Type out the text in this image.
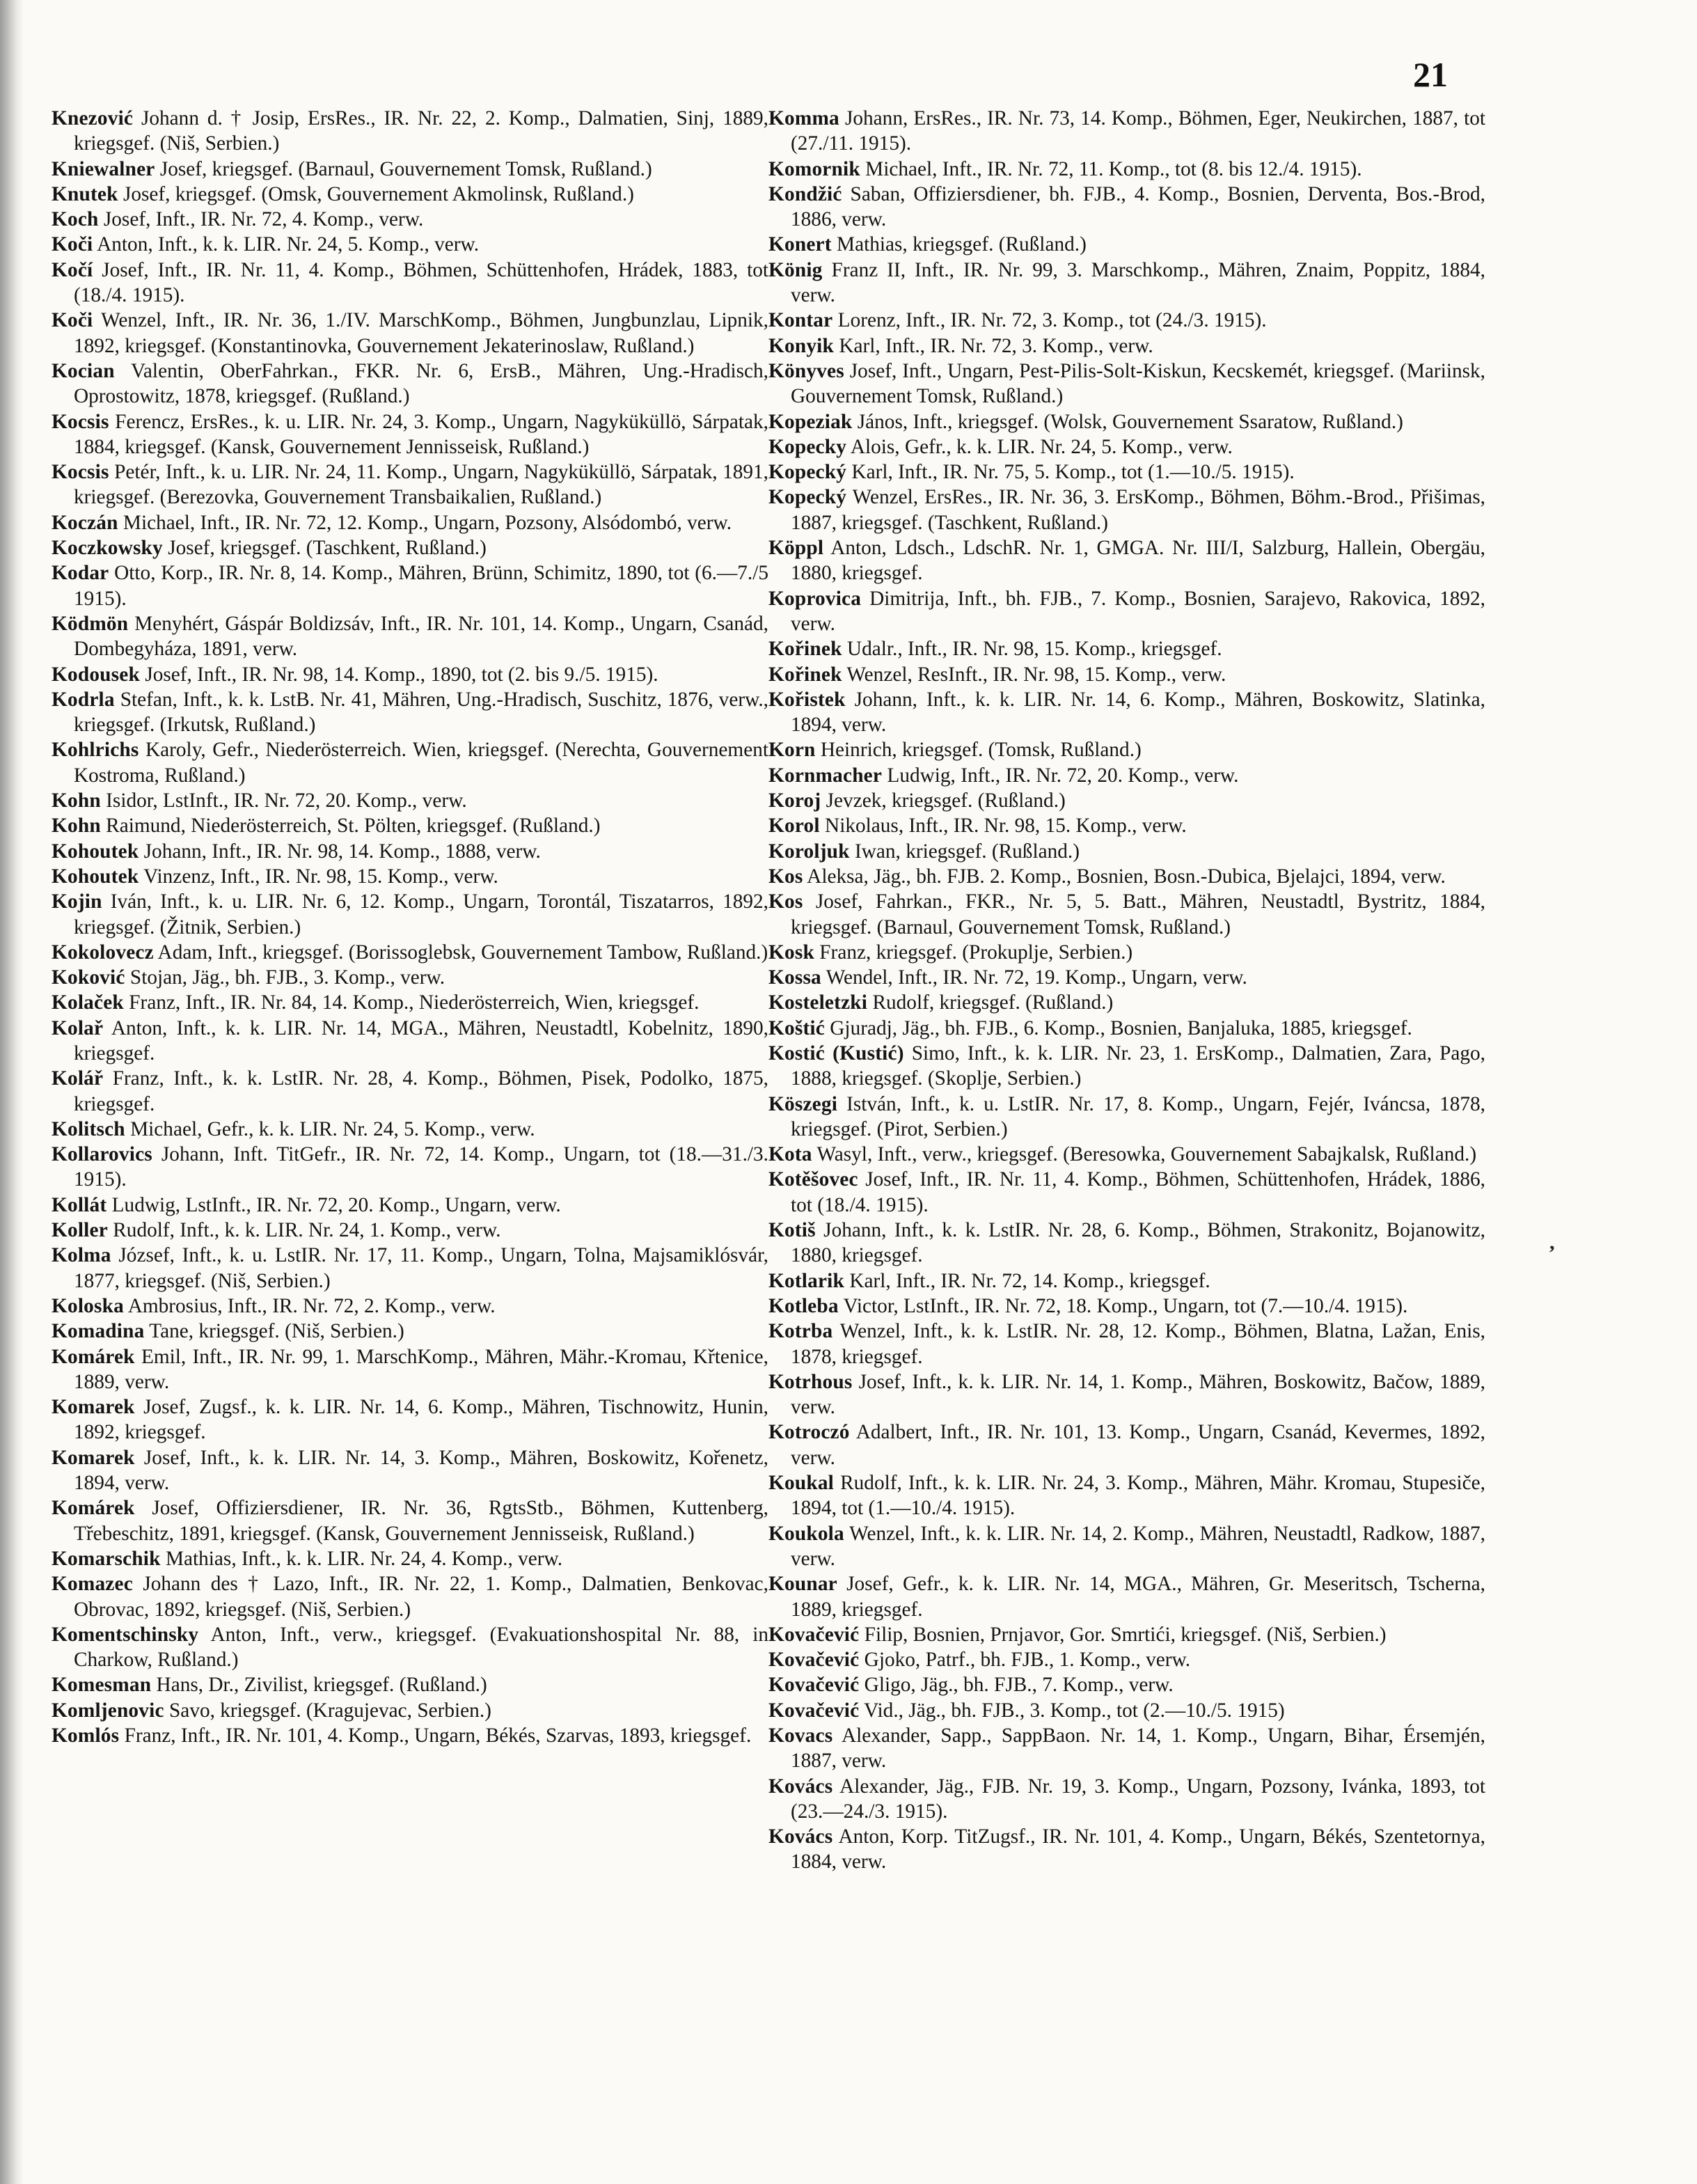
21

Knezović Johann d. † Josip, ErsRes., IR. Nr. 22, 2. Komp., Dalmatien, Sinj, 1889, kriegsgef. (Niš, Serbien.)

Kniewalner Josef, kriegsgef. (Barnaul, Gouvernement Tomsk, Rußland.)

Knutek Josef, kriegsgef. (Omsk, Gouvernement Akmolinsk, Rußland.)

Koch Josef, Inft., IR. Nr. 72, 4. Komp., verw.

Koči Anton, Inft., k. k. LIR. Nr. 24, 5. Komp., verw.

Kočí Josef, Inft., IR. Nr. 11, 4. Komp., Böhmen, Schüttenhofen, Hrádek, 1883, tot (18./4. 1915).

Koči Wenzel, Inft., IR. Nr. 36, 1./IV. MarschKomp., Böhmen, Jungbunzlau, Lipnik, 1892, kriegsgef. (Konstantinovka, Gouvernement Jekaterinoslaw, Rußland.)

Kocian Valentin, OberFahrkan., FKR. Nr. 6, ErsB., Mähren, Ung.-Hradisch, Oprostowitz, 1878, kriegsgef. (Rußland.)

Kocsis Ferencz, ErsRes., k. u. LIR. Nr. 24, 3. Komp., Ungarn, Nagyküküllö, Sárpatak, 1884, kriegsgef. (Kansk, Gouvernement Jennisseisk, Rußland.)

Kocsis Petér, Inft., k. u. LIR. Nr. 24, 11. Komp., Ungarn, Nagyküküllö, Sárpatak, 1891, kriegsgef. (Berezovka, Gouvernement Transbaikalien, Rußland.)

Koczán Michael, Inft., IR. Nr. 72, 12. Komp., Ungarn, Pozsony, Alsódombó, verw.

Koczkowsky Josef, kriegsgef. (Taschkent, Rußland.)

Kodar Otto, Korp., IR. Nr. 8, 14. Komp., Mähren, Brünn, Schimitz, 1890, tot (6.—7./5 1915).

Ködmön Menyhért, Gáspár Boldizsáv, Inft., IR. Nr. 101, 14. Komp., Ungarn, Csanád, Dombegyháza, 1891, verw.

Kodousek Josef, Inft., IR. Nr. 98, 14. Komp., 1890, tot (2. bis 9./5. 1915).

Kodrla Stefan, Inft., k. k. LstB. Nr. 41, Mähren, Ung.-Hradisch, Suschitz, 1876, verw., kriegsgef. (Irkutsk, Rußland.)

Kohlrichs Karoly, Gefr., Niederösterreich. Wien, kriegsgef. (Nerechta, Gouvernement Kostroma, Rußland.)

Kohn Isidor, LstInft., IR. Nr. 72, 20. Komp., verw.

Kohn Raimund, Niederösterreich, St. Pölten, kriegsgef. (Rußland.)

Kohoutek Johann, Inft., IR. Nr. 98, 14. Komp., 1888, verw.

Kohoutek Vinzenz, Inft., IR. Nr. 98, 15. Komp., verw.

Kojin Iván, Inft., k. u. LIR. Nr. 6, 12. Komp., Ungarn, Torontál, Tiszatarros, 1892, kriegsgef. (Žitnik, Serbien.)

Kokolovecz Adam, Inft., kriegsgef. (Borissoglebsk, Gouvernement Tambow, Rußland.)

Koković Stojan, Jäg., bh. FJB., 3. Komp., verw.

Kolaček Franz, Inft., IR. Nr. 84, 14. Komp., Niederösterreich, Wien, kriegsgef.

Kolař Anton, Inft., k. k. LIR. Nr. 14, MGA., Mähren, Neustadtl, Kobelnitz, 1890, kriegsgef.

Kolář Franz, Inft., k. k. LstIR. Nr. 28, 4. Komp., Böhmen, Pisek, Podolko, 1875, kriegsgef.

Kolitsch Michael, Gefr., k. k. LIR. Nr. 24, 5. Komp., verw.

Kollarovics Johann, Inft. TitGefr., IR. Nr. 72, 14. Komp., Ungarn, tot (18.—31./3. 1915).

Kollát Ludwig, LstInft., IR. Nr. 72, 20. Komp., Ungarn, verw.

Koller Rudolf, Inft., k. k. LIR. Nr. 24, 1. Komp., verw.

Kolma József, Inft., k. u. LstIR. Nr. 17, 11. Komp., Ungarn, Tolna, Majsamiklósvár, 1877, kriegsgef. (Niš, Serbien.)

Koloska Ambrosius, Inft., IR. Nr. 72, 2. Komp., verw.

Komadina Tane, kriegsgef. (Niš, Serbien.)

Komárek Emil, Inft., IR. Nr. 99, 1. MarschKomp., Mähren, Mähr.-Kromau, Křtenice, 1889, verw.

Komarek Josef, Zugsf., k. k. LIR. Nr. 14, 6. Komp., Mähren, Tischnowitz, Hunin, 1892, kriegsgef.

Komarek Josef, Inft., k. k. LIR. Nr. 14, 3. Komp., Mähren, Boskowitz, Kořenetz, 1894, verw.

Komárek Josef, Offiziersdiener, IR. Nr. 36, RgtsStb., Böhmen, Kuttenberg, Třebeschitz, 1891, kriegsgef. (Kansk, Gouvernement Jennisseisk, Rußland.)

Komarschik Mathias, Inft., k. k. LIR. Nr. 24, 4. Komp., verw.

Komazec Johann des † Lazo, Inft., IR. Nr. 22, 1. Komp., Dalmatien, Benkovac, Obrovac, 1892, kriegsgef. (Niš, Serbien.)

Komentschinsky Anton, Inft., verw., kriegsgef. (Evakuationshospital Nr. 88, in Charkow, Rußland.)

Komesman Hans, Dr., Zivilist, kriegsgef. (Rußland.)

Komljenovic Savo, kriegsgef. (Kragujevac, Serbien.)

Komlós Franz, Inft., IR. Nr. 101, 4. Komp., Ungarn, Békés, Szarvas, 1893, kriegsgef.

Komma Johann, ErsRes., IR. Nr. 73, 14. Komp., Böhmen, Eger, Neukirchen, 1887, tot (27./11. 1915).

Komornik Michael, Inft., IR. Nr. 72, 11. Komp., tot (8. bis 12./4. 1915).

Kondžić Saban, Offiziersdiener, bh. FJB., 4. Komp., Bosnien, Derventa, Bos.-Brod, 1886, verw.

Konert Mathias, kriegsgef. (Rußland.)

König Franz II, Inft., IR. Nr. 99, 3. Marschkomp., Mähren, Znaim, Poppitz, 1884, verw.

Kontar Lorenz, Inft., IR. Nr. 72, 3. Komp., tot (24./3. 1915).

Konyik Karl, Inft., IR. Nr. 72, 3. Komp., verw.

Könyves Josef, Inft., Ungarn, Pest-Pilis-Solt-Kiskun, Kecskemét, kriegsgef. (Mariinsk, Gouvernement Tomsk, Rußland.)

Kopeziak János, Inft., kriegsgef. (Wolsk, Gouvernement Ssaratow, Rußland.)

Kopecky Alois, Gefr., k. k. LIR. Nr. 24, 5. Komp., verw.

Kopecký Karl, Inft., IR. Nr. 75, 5. Komp., tot (1.—10./5. 1915).

Kopecký Wenzel, ErsRes., IR. Nr. 36, 3. ErsKomp., Böhmen, Böhm.-Brod., Přišimas, 1887, kriegsgef. (Taschkent, Rußland.)

Köppl Anton, Ldsch., LdschR. Nr. 1, GMGA. Nr. III/I, Salzburg, Hallein, Obergäu, 1880, kriegsgef.

Koprovica Dimitrija, Inft., bh. FJB., 7. Komp., Bosnien, Sarajevo, Rakovica, 1892, verw.

Kořinek Udalr., Inft., IR. Nr. 98, 15. Komp., kriegsgef.

Kořinek Wenzel, ResInft., IR. Nr. 98, 15. Komp., verw.

Kořistek Johann, Inft., k. k. LIR. Nr. 14, 6. Komp., Mähren, Boskowitz, Slatinka, 1894, verw.

Korn Heinrich, kriegsgef. (Tomsk, Rußland.)

Kornmacher Ludwig, Inft., IR. Nr. 72, 20. Komp., verw.

Koroj Jevzek, kriegsgef. (Rußland.)

Korol Nikolaus, Inft., IR. Nr. 98, 15. Komp., verw.

Koroljuk Iwan, kriegsgef. (Rußland.)

Kos Aleksa, Jäg., bh. FJB. 2. Komp., Bosnien, Bosn.-Dubica, Bjelajci, 1894, verw.

Kos Josef, Fahrkan., FKR., Nr. 5, 5. Batt., Mähren, Neustadtl, Bystritz, 1884, kriegsgef. (Barnaul, Gouvernement Tomsk, Rußland.)

Kosk Franz, kriegsgef. (Prokuplje, Serbien.)

Kossa Wendel, Inft., IR. Nr. 72, 19. Komp., Ungarn, verw.

Kosteletzki Rudolf, kriegsgef. (Rußland.)

Koštić Gjuradj, Jäg., bh. FJB., 6. Komp., Bosnien, Banjaluka, 1885, kriegsgef.

Kostić (Kustić) Simo, Inft., k. k. LIR. Nr. 23, 1. ErsKomp., Dalmatien, Zara, Pago, 1888, kriegsgef. (Skoplje, Serbien.)

Köszegi István, Inft., k. u. LstIR. Nr. 17, 8. Komp., Ungarn, Fejér, Iváncsa, 1878, kriegsgef. (Pirot, Serbien.)

Kota Wasyl, Inft., verw., kriegsgef. (Beresowka, Gouvernement Sabajkalsk, Rußland.)

Kotěšovec Josef, Inft., IR. Nr. 11, 4. Komp., Böhmen, Schüttenhofen, Hrádek, 1886, tot (18./4. 1915).

Kotiš Johann, Inft., k. k. LstIR. Nr. 28, 6. Komp., Böhmen, Strakonitz, Bojanowitz, 1880, kriegsgef.

Kotlarik Karl, Inft., IR. Nr. 72, 14. Komp., kriegsgef.

Kotleba Victor, LstInft., IR. Nr. 72, 18. Komp., Ungarn, tot (7.—10./4. 1915).

Kotrba Wenzel, Inft., k. k. LstIR. Nr. 28, 12. Komp., Böhmen, Blatna, Lažan, Enis, 1878, kriegsgef.

Kotrhous Josef, Inft., k. k. LIR. Nr. 14, 1. Komp., Mähren, Boskowitz, Bačow, 1889, verw.

Kotroczó Adalbert, Inft., IR. Nr. 101, 13. Komp., Ungarn, Csanád, Kevermes, 1892, verw.

Koukal Rudolf, Inft., k. k. LIR. Nr. 24, 3. Komp., Mähren, Mähr. Kromau, Stupesiče, 1894, tot (1.—10./4. 1915).

Koukola Wenzel, Inft., k. k. LIR. Nr. 14, 2. Komp., Mähren, Neustadtl, Radkow, 1887, verw.

Kounar Josef, Gefr., k. k. LIR. Nr. 14, MGA., Mähren, Gr. Meseritsch, Tscherna, 1889, kriegsgef.

Kovačević Filip, Bosnien, Prnjavor, Gor. Smrtići, kriegsgef. (Niš, Serbien.)

Kovačević Gjoko, Patrf., bh. FJB., 1. Komp., verw.

Kovačević Gligo, Jäg., bh. FJB., 7. Komp., verw.

Kovačević Vid., Jäg., bh. FJB., 3. Komp., tot (2.—10./5. 1915)

Kovacs Alexander, Sapp., SappBaon. Nr. 14, 1. Komp., Ungarn, Bihar, Érsemjén, 1887, verw.

Kovács Alexander, Jäg., FJB. Nr. 19, 3. Komp., Ungarn, Pozsony, Ivánka, 1893, tot (23.—24./3. 1915).

Kovács Anton, Korp. TitZugsf., IR. Nr. 101, 4. Komp., Ungarn, Békés, Szentetornya, 1884, verw.

,
